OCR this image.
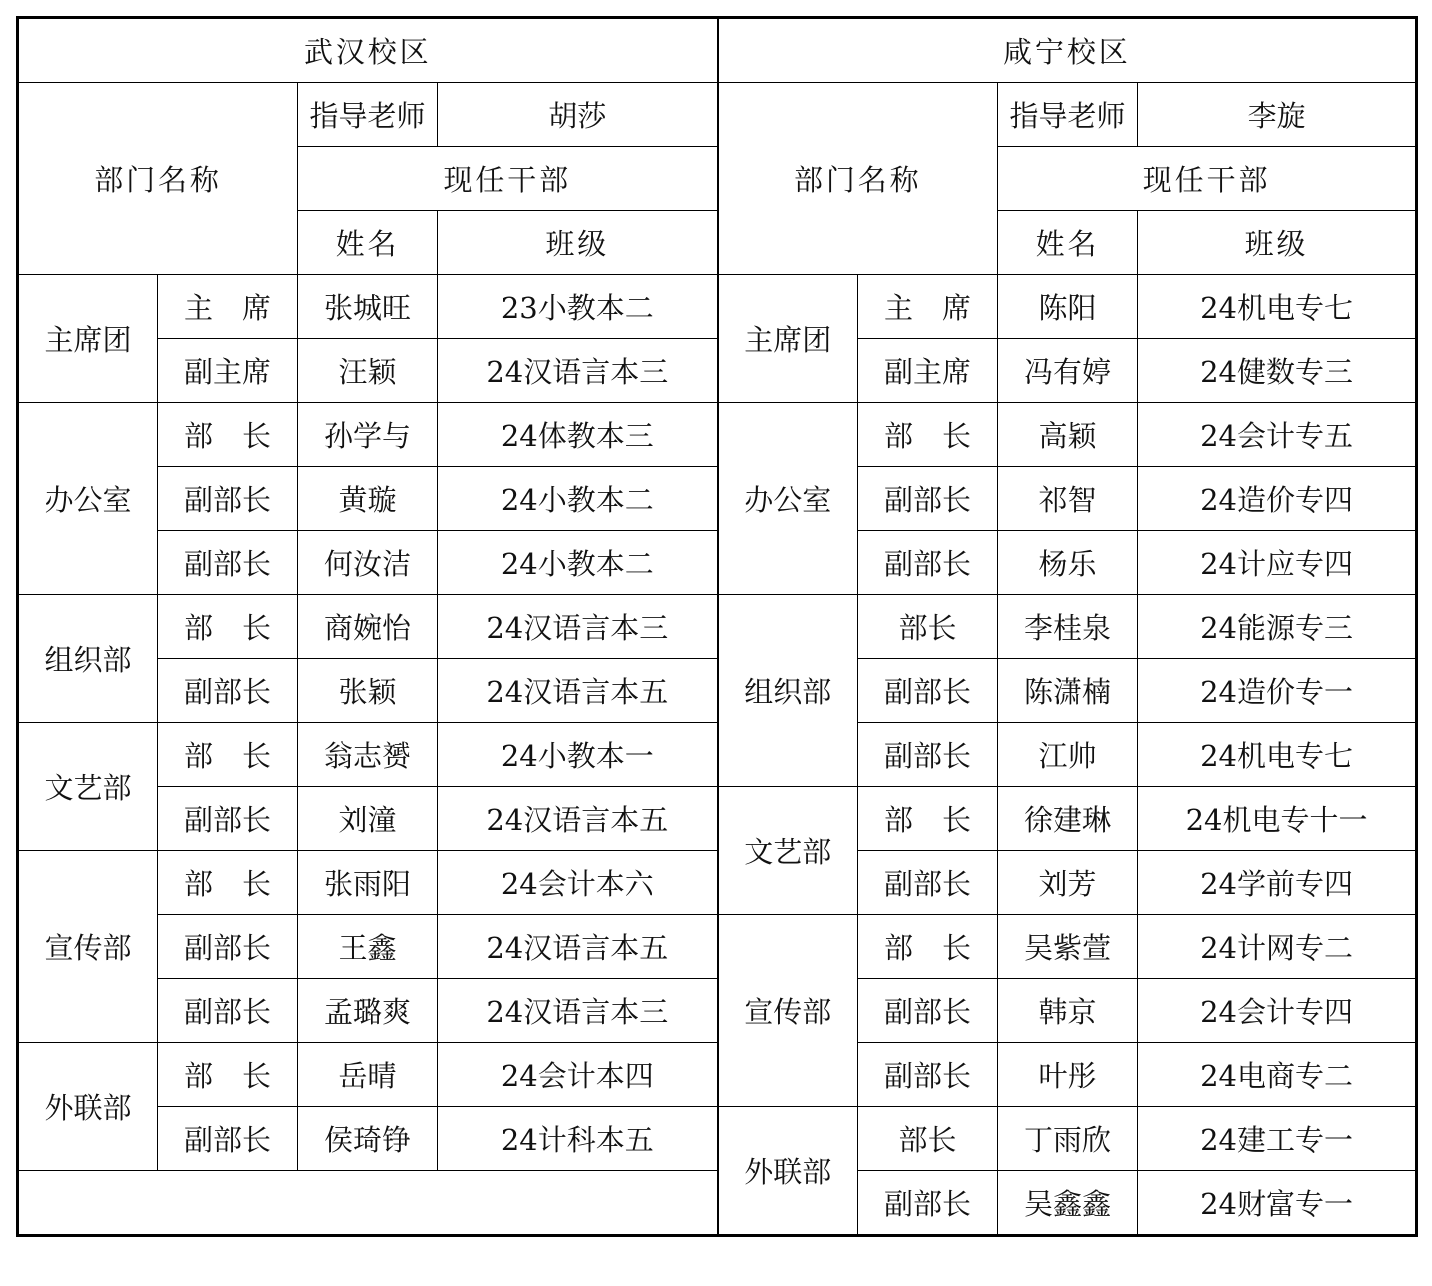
武汉校区				咸宁校区			
部门名称		指导老师	胡莎	部门名称		指导老师	李旋
		现任干部				现任干部	
		姓名	班级			姓名	班级
主席团	主　席	张城旺	23小教本二	主席团	主　席	陈阳	24机电专七
	副主席	汪颖	24汉语言本三		副主席	冯有婷	24健数专三
办公室	部　长	孙学与	24体教本三	办公室	部　长	高颖	24会计专五
	副部长	黄璇	24小教本二		副部长	祁智	24造价专四
	副部长	何汝洁	24小教本二		副部长	杨乐	24计应专四
组织部	部　长	商婉怡	24汉语言本三	组织部	部长	李桂泉	24能源专三
	副部长	张颖	24汉语言本五		副部长	陈潇楠	24造价专一
文艺部	部　长	翁志赟	24小教本一		副部长	江帅	24机电专七
	副部长	刘潼	24汉语言本五	文艺部	部　长	徐建琳	24机电专十一
宣传部	部　长	张雨阳	24会计本六		副部长	刘芳	24学前专四
	副部长	王鑫	24汉语言本五	宣传部	部　长	吴紫萱	24计网专二
	副部长	孟璐爽	24汉语言本三		副部长	韩京	24会计专四
外联部	部　长	岳晴	24会计本四		副部长	叶彤	24电商专二
	副部长	侯琦铮	24计科本五	外联部	部长	丁雨欣	24建工专一
					副部长	吴鑫鑫	24财富专一
